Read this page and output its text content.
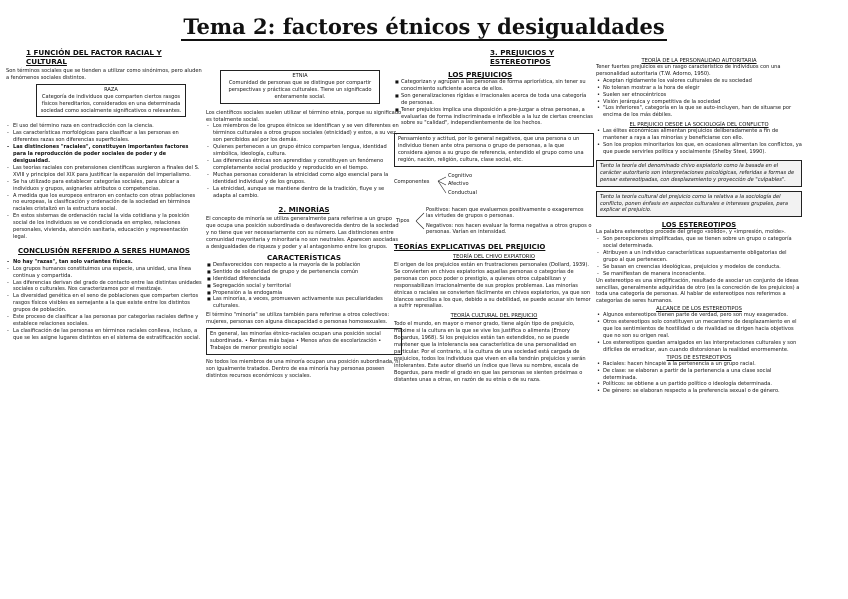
Tema 2: factores étnicos y desigualdades
1 FUNCIÓN DEL FACTOR RACIAL Y CULTURAL
Son términos sociales que se tienden a utilizar como sinónimos, pero aluden a fenómenos sociales distintos.
RAZA
Categoría de individuos que comparten ciertos rasgos físicos hereditarios, considerados en una determinada sociedad como socialmente significativos o relevantes.
- El uso del término raza en contradicción con la ciencia.
- Las características morfológicas para clasificar a las personas en diferentes razas son diferencias superficiales.
- Las distinciones "raciales", constituyen importantes factores para la reproducción de poder sociales de poder y de desigualdad.
- Las teorías raciales con pretensiones científicas surgieron a finales del S. XVIII y principios del XIX para justificar la expansión del imperialismo.
- Se ha utilizado para establecer categorías sociales, para ubicar a individuos y grupos, asignarles atributos o competencias.
- A medida que los europeos entraron en contacto con otras poblaciones no europeas, la clasificación y ordenación de la sociedad en términos raciales cristalizó en la estructura social.
- En estos sistemas de ordenación racial la vida cotidiana y la posición social de los individuos se ve condicionada en empleo, relaciones personales, vivienda, atención sanitaria, educación y representación legal.
CONCLUSIÓN REFERIDO A SERES HUMANOS
- No hay "razas", tan solo variantes físicas.
- Los grupos humanos constituimos una especie, una unidad, una línea continua y compartida.
- Las diferencias derivan del grado de contacto entre las distintas unidades sociales o culturales. Nos caracterizamos por el mestizaje.
- La diversidad genética en el seno de poblaciones que comparten ciertos rasgos físicos visibles es semejante a la que existe entre los distintos grupos de población.
- Este proceso de clasificar a las personas por categorías raciales define y establece relaciones sociales.
- La clasificación de las personas en términos raciales conlleva, incluso, a que se les asigne lugares distintos en el sistema de estratificación social.
ETNIA
Comunidad de personas que se distingue por compartir perspectivas y prácticas culturales. Tiene un significado enteramente social.
Los científicos sociales suelen utilizar el término etnia, porque su significado es totalmente social.
- Los miembros de los grupos étnicos se identifican y se ven diferentes en términos culturales a otros grupos sociales (etnicidad) y estos, a su vez, son percibidos así por los demás.
- Quienes pertenecen a un grupo étnico comparten lengua, identidad simbólica, ideología, cultura.
- Las diferencias étnicas son aprendidas y constituyen un fenómeno completamente social producido y reproducido en el tiempo.
- Muchas personas consideran la etnicidad como algo esencial para la identidad individual y de los grupos.
- La etnicidad, aunque se mantiene dentro de la tradición, fluye y se adapta al cambio.
2. MINORÍAS
El concepto de minoría se utiliza generalmente para referirse a un grupo que ocupa una posición subordinada o desfavorecida dentro de la sociedad y no tiene que ver necesariamente con su número. Las distinciones entre comunidad mayoritaria y minoritaria no son neutrales. Aparecen asociadas a desigualdades de riqueza y poder y al antagonismo entre los grupos.
CARACTERÍSTICAS
■ Desfavorecidos con respecto a la mayoría de la población
■ Sentido de solidaridad de grupo y de pertenencia común
■ Identidad diferenciada
■ Segregación social y territorial
■ Propensión a la endogamia
■ Las minorías, a veces, promueven activamente sus peculiaridades culturales.
El término "minoría" se utiliza también para referirse a otros colectivos: mujeres, personas con alguna discapacidad o personas homosexuales.
En general, las minorías étnico-raciales ocupan una posición social subordinada. • Rentas más bajas • Menos años de escolarización • Trabajos de menor prestigio social
No todos los miembros de una minoría ocupan una posición subordinada, ni son igualmente tratados. Dentro de esa minoría hay personas poseen distintos recursos económicos y sociales.
3. PREJUICIOS Y ESTEREOTIPOS
LOS PREJUICIOS
■ Categorizan y agrupan a las personas de forma apriorística, sin tener su conocimiento suficiente acerca de ellos.
■ Son generalizaciones rígidas e irracionales acerca de toda una categoría de personas.
■ Tener prejuicios implica una disposición a pre-juzgar a otras personas, a evaluarlas de forma indiscriminada e inflexible a la luz de ciertas creencias sobre su "calidad", independientemente de los hechos.
Pensamiento y actitud, por lo general negativos, que una persona o un individuo tienen ante otra persona o grupo de personas, a la que considera ajenos a su grupo de referencia, entendido el grupo como una región, nación, religión, cultura, clase social, etc.
Componentes
Cognitivo
Afectivo
Conductual
Tipos
Positivos: hacen que evaluemos positivamente o exageremos las virtudes de grupos o personas.
Negativos: nos hacen evaluar la forma negativa a otros grupos o personas. Varían en intensidad.
TEORÍAS EXPLICATIVAS DEL PREJUICIO
TEORÍA DEL CHIVO EXPIATORIO
El origen de los prejuicios están en frustraciones personales (Dollard, 1939). Se convierten en chivos expiatorios aquellas personas o categorías de personas con poco poder o prestigio, a quienes otros culpabilizan y responsabilizan irracionalmente de sus propios problemas. Las minorías étnicas o raciales se convierten fácilmente en chivos expiatorios, ya que son blancos sencillos a los que, debido a su debilidad, se puede acusar sin temor a sufrir represalias.
TEORÍA CULTURAL DEL PREJUICIO
Todo el mundo, en mayor o menor grado, tiene algún tipo de prejuicio, máxime si la cultura en la que se vive los justifica o alimenta (Emory Bogardus, 1968). Si los prejuicios están tan extendidos, no se puede mantener que la intolerancia sea característica de una personalidad en particular. Por el contrario, si la cultura de una sociedad está cargada de prejuicios, todos los individuos que viven en ella tendrán prejuicios y serán intolerantes. Este autor diseñó un índice que lleva su nombre, escala de Bogardus, para medir el grado en que las personas se sienten próximas o distantes unas a otras, en razón de su etnia o de su raza.
TEORÍA DE LA PERSONALIDAD AUTORITARIA
Tener fuertes prejuicios es un rasgo característico de individuos con una personalidad autoritaria (T.W. Adorno, 1950).
• Aceptan rígidamente los valores culturales de su sociedad
• No toleran mostrar a la hora de elegir
• Suelen ser etnocéntricos
• Visión jerárquica y competitiva de la sociedad
• "Los inferiores", categoría en la que se auto-incluyen, han de situarse por encima de los más débiles.
EL PREJUICIO DESDE LA SOCIOLOGÍA DEL CONFLICTO
• Las élites económicas alimentan prejuicios deliberadamente a fin de mantener a raya a las minorías y beneficiarse con ello.
• Son los propios minoritarios los que, en ocasiones alimentan los conflictos, ya que puede servirles política y socialmente (Shelby Steel, 1990).
Tanto la teoría del denominado chivo expiatorio como la basada en el carácter autoritario son interpretaciones psicológicas, referidas a formas de pensar estereotipadas, con desplazamiento y proyección de "culpables".
Tanto la teoría cultural del prejuicio como la relativa a la sociología del conflicto, ponen énfasis en aspectos culturales e intereses grupales, para explicar el prejuicio.
LOS ESTEREOTIPOS
La palabra estereotipo procede del griego «sólido», y «impresión, molde».
- Son percepciones simplificadas, que se tienen sobre un grupo o categoría social determinada.
- Atribuyen a un individuo características supuestamente obligatorias del grupo al que pertenecen.
- Se basan en creencias ideológicas, prejuicios y modelos de conducta.
- Se manifiestan de manera inconsciente.
Un estereotipo es una simplificación, resultado de asociar un conjunto de ideas sencillas, generalmente adquiridas de otro (es la concreción de los prejuicios) a toda una categoría de personas. Al hablar de estereotipos nos referimos a categorías de seres humanos.
ALCANCE DE LOS ESTEREOTIPOS
• Algunos estereotipos tienen parte de verdad, pero son muy exagerados.
• Otros estereotipos solo constituyen un mecanismo de desplazamiento en el que los sentimientos de hostilidad o de rivalidad se dirigen hacia objetivos que no son su origen real.
• Los estereotipos quedan arraigados en las interpretaciones culturales y son difíciles de erradicar, aun cuando distorsionan la realidad enormemente.
TIPOS DE ESTEREOTIPOS
• Raciales: hacen hincapié a la pertenencia a un grupo racial.
• De clase: se elaboran a partir de la pertenencia a una clase social determinada.
• Políticos: se obtiene a un partido político o ideología determinada.
• De género: se elaboran respecto a la preferencia sexual o de género.
